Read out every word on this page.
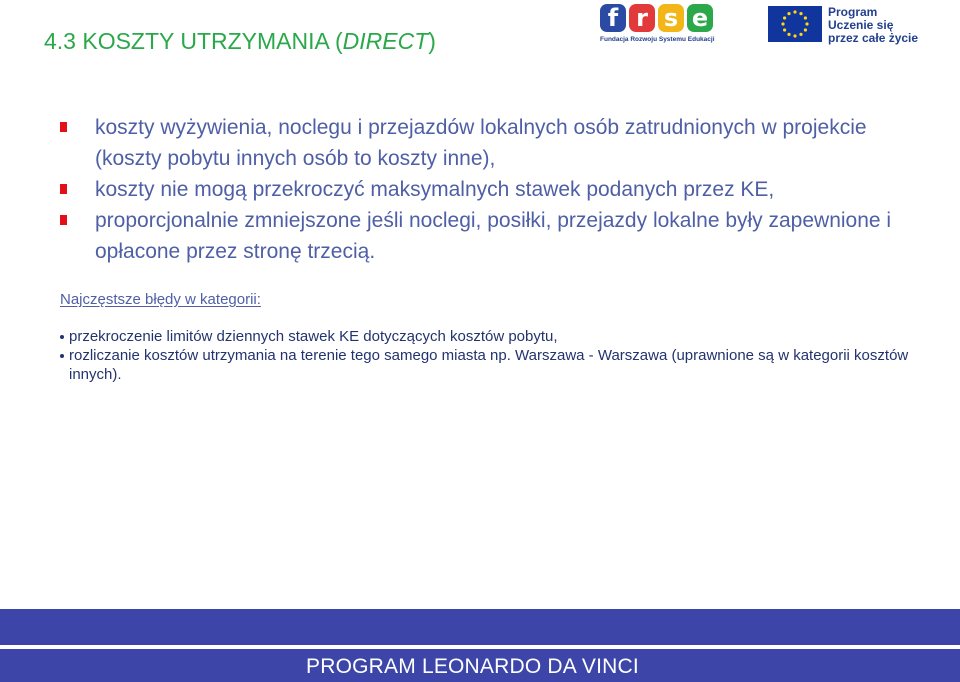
4.3 KOSZTY UTRZYMANIA (DIRECT)
f r s e
Fundacja Rozwoju Systemu Edukacji
Program
Uczenie się
przez całe życie
koszty wyżywienia, noclegu i przejazdów lokalnych osób zatrudnionych w projekcie (koszty pobytu innych osób to koszty inne),
koszty nie mogą przekroczyć maksymalnych stawek podanych przez KE,
proporcjonalnie zmniejszone jeśli noclegi, posiłki, przejazdy lokalne były zapewnione i opłacone przez stronę trzecią.

Najczęstsze błędy w kategorii:

przekroczenie limitów dziennych stawek KE dotyczących kosztów pobytu,
rozliczanie kosztów utrzymania na terenie tego samego miasta np. Warszawa - Warszawa (uprawnione są w kategorii kosztów innych).

PROGRAM LEONARDO DA VINCI
